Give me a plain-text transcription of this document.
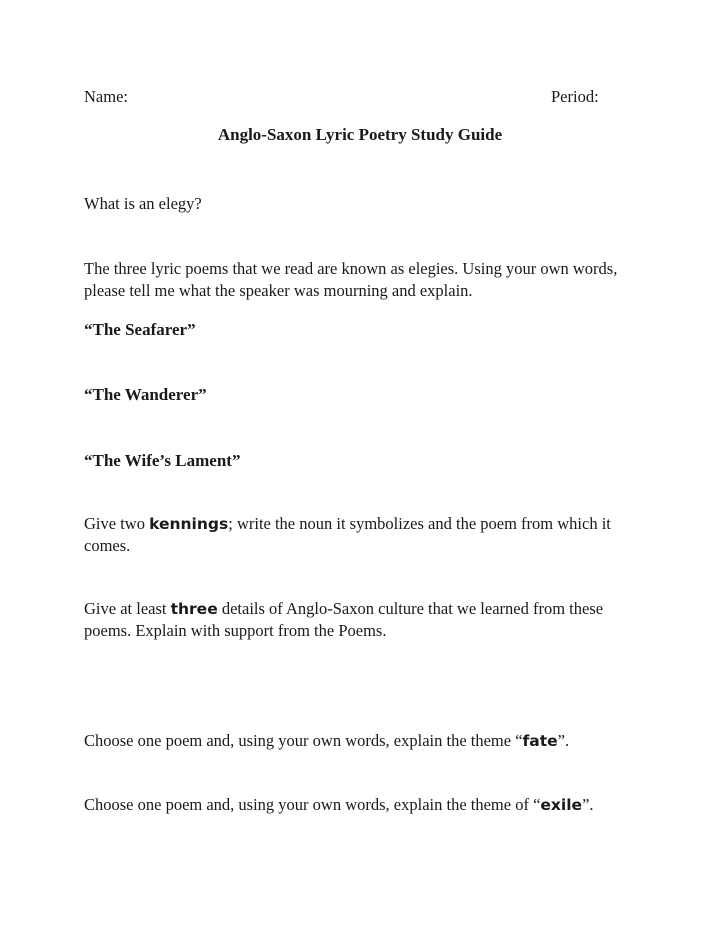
Name:	Period:

Anglo-Saxon Lyric Poetry Study Guide

What is an elegy?

The three lyric poems that we read are known as elegies. Using your own words, please tell me what the speaker was mourning and explain.

“The Seafarer”

“The Wanderer”

“The Wife’s Lament”

Give two kennings; write the noun it symbolizes and the poem from which it comes.

Give at least three details of Anglo-Saxon culture that we learned from these poems. Explain with support from the Poems.

Choose one poem and, using your own words, explain the theme “fate”.

Choose one poem and, using your own words, explain the theme of “exile”.
